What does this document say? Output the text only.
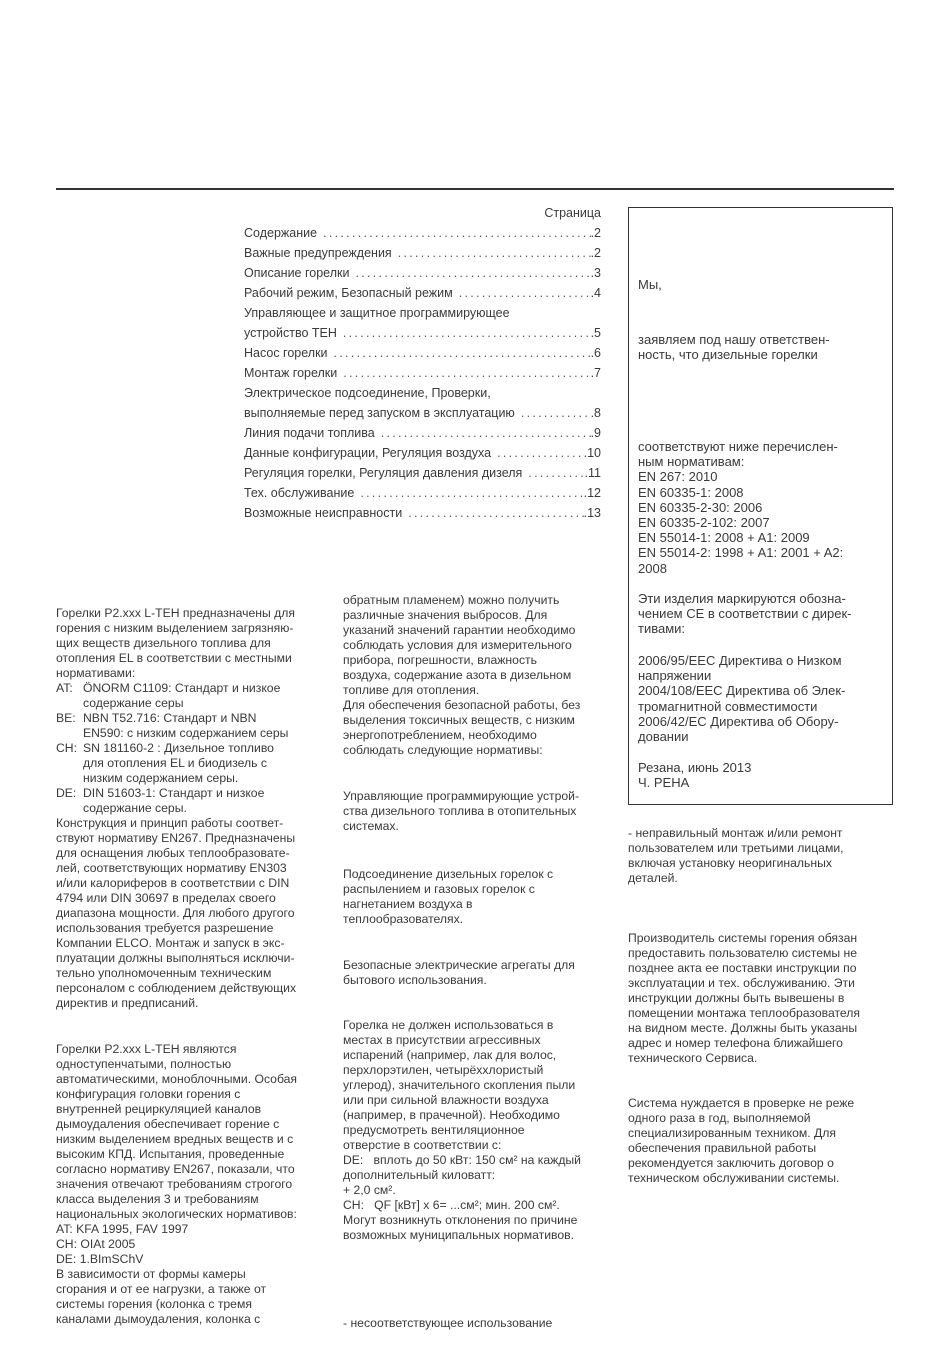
Страница
Содержание .....	.2
Важные предупреждения .....	.2
Описание горелки .....	.3
Рабочий режим, Безопасный режим .....	.4
Управляющее и защитное программирующее
устройство ТЕН .....	.5
Насос горелки .....	.6
Монтаж горелки .....	.7
Электрическое подсоединение, Проверки,
выполняемые перед запуском в эксплуатацию .....	.8
Линия подачи топлива .....	.9
Данные конфигурации, Регуляция воздуха .....	.10
Регуляция горелки, Регуляция давления дизеля .....	.11
Тех. обслуживание .....	.12
Возможные неисправности .....	.13
Мы,
заявляем под нашу ответствен-
ность, что дизельные горелки
соответствуют ниже перечислен-
ным нормативам:
EN 267: 2010
EN 60335-1: 2008
EN 60335-2-30: 2006
EN 60335-2-102: 2007
EN 55014-1: 2008 + A1: 2009
EN 55014-2: 1998 + A1: 2001 + A2:
2008
Эти изделия маркируются обозна-
чением CE в соответствии с дирек-
тивами:
2006/95/EEC Директива о Низком
напряжении
2004/108/EEC Директива об Элек-
тромагнитной совместимости
2006/42/EC Директива об Обору-
довании
Резана, июнь 2013
Ч. РЕНА

Горелки P2.xxx L-TEH предназначены для

горения с низким выделением загрязняю-

щих веществ дизельного топлива для

отопления EL в соответствии с местными

нормативами:

AT: ÖNORM C1109: Стандарт и низкое

содержание серы

BE: NBN T52.716: Стандарт и NBN

EN590: с низким содержанием серы

CH: SN 181160-2 : Дизельное топливо

для отопления EL и биодизель с

низким содержанием серы.

DE: DIN 51603-1: Стандарт и низкое

содержание серы.

Конструкция и принцип работы соответ-

ствуют нормативу EN267. Предназначены

для оснащения любых теплообразовате-

лей, соответствующих нормативу EN303

и/или калориферов в соответствии с DIN

4794 или DIN 30697 в пределах своего

диапазона мощности. Для любого другого

использования требуется разрешение

Компании ELCO. Монтаж и запуск в экс-

плуатации должны выполняться исключи-

тельно уполномоченным техническим

персоналом с соблюдением действующих

директив и предписаний.

Горелки P2.xxx L-TEH являются

одноступенчатыми, полностью

автоматическими, моноблочными. Особая

конфигурация головки горения с

внутренней рециркуляцией каналов

дымоудаления обеспечивает горение с

низким выделением вредных веществ и с

высоким КПД. Испытания, проведенные

согласно нормативу EN267, показали, что

значения отвечают требованиям строгого

класса выделения 3 и требованиям

национальных экологических нормативов:

AT: KFA 1995, FAV 1997

CH: OIAt 2005

DE: 1.BImSChV

В зависимости от формы камеры

сгорания и от ее нагрузки, а также от

системы горения (колонка с тремя

каналами дымоудаления, колонка с

обратным пламенем) можно получить

различные значения выбросов. Для

указаний значений гарантии необходимо

соблюдать условия для измерительного

прибора, погрешности, влажность

воздуха, содержание азота в дизельном

топливе для отопления.

Для обеспечения безопасной работы, без

выделения токсичных веществ, с низким

энергопотреблением, необходимо

соблюдать следующие нормативы:

Управляющие программирующие устрой-

ства дизельного топлива в отопительных

системах.

Подсоединение дизельных горелок с

распылением и газовых горелок с

нагнетанием воздуха в

теплообразователях.

Безопасные электрические агрегаты для

бытового использования.

Горелка не должен использоваться в

местах в присутствии агрессивных

испарений (например, лак для волос,

перхлорэтилен, четырёххлористый

углерод), значительного скопления пыли

или при сильной влажности воздуха

(например, в прачечной). Необходимо

предусмотреть вентиляционное

отверстие в соответствии с:

DE:   вплоть до 50 кВт: 150 см² на каждый

дополнительный киловатт:

+ 2,0 см².

CH:   QF [кВт] x 6= ...см²; мин. 200 см².

Могут возникнуть отклонения по причине

возможных муниципальных нормативов.

- несоответствующее использование

- неправильный монтаж и/или ремонт

пользователем или третьими лицами,

включая установку неоригинальных

деталей.

Производитель системы горения обязан

предоставить пользователю системы не

позднее акта ее поставки инструкции по

эксплуатации и тех. обслуживанию. Эти

инструкции должны быть вывешены в

помещении монтажа теплообразователя

на видном месте. Должны быть указаны

адрес и номер телефона ближайшего

технического Сервиса.

Система нуждается в проверке не реже

одного раза в год, выполняемой

специализированным техником. Для

обеспечения правильной работы

рекомендуется заключить договор о

техническом обслуживании системы.
